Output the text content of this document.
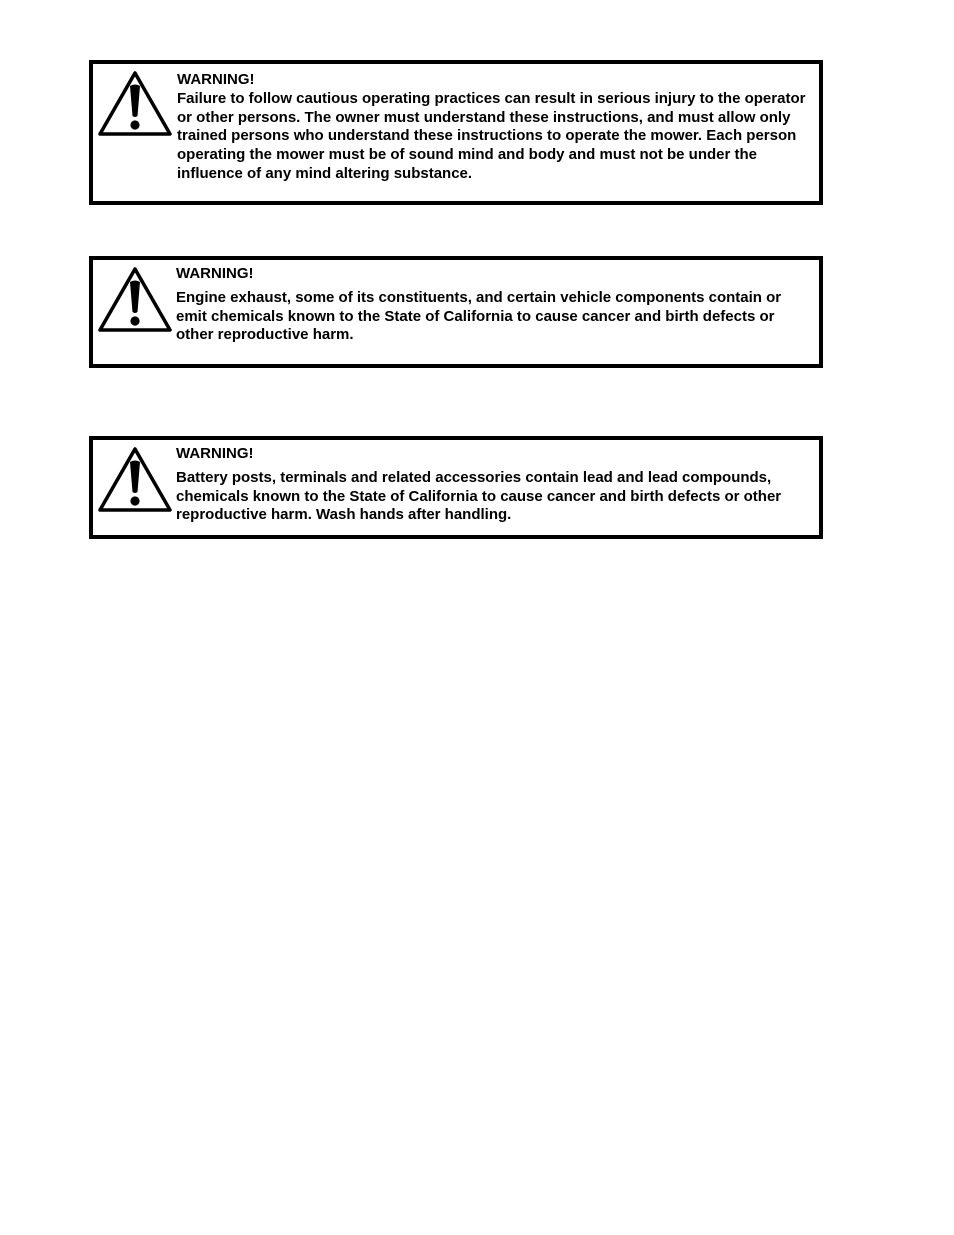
WARNING!

Failure to follow cautious operating practices can result in serious injury to the operator or other persons. The owner must understand these instructions, and must allow only trained persons who understand these instructions to operate the mower. Each person operating the mower must be of sound mind and body and must not be under the influence of any mind altering substance.

WARNING!

Engine exhaust, some of its constituents, and certain vehicle components contain or emit chemicals known to the State of California to cause cancer and birth defects or other reproductive harm.

WARNING!

Battery posts, terminals and related accessories contain lead and lead compounds, chemicals known to the State of California to cause cancer and birth defects or other reproductive harm. Wash hands after handling.
